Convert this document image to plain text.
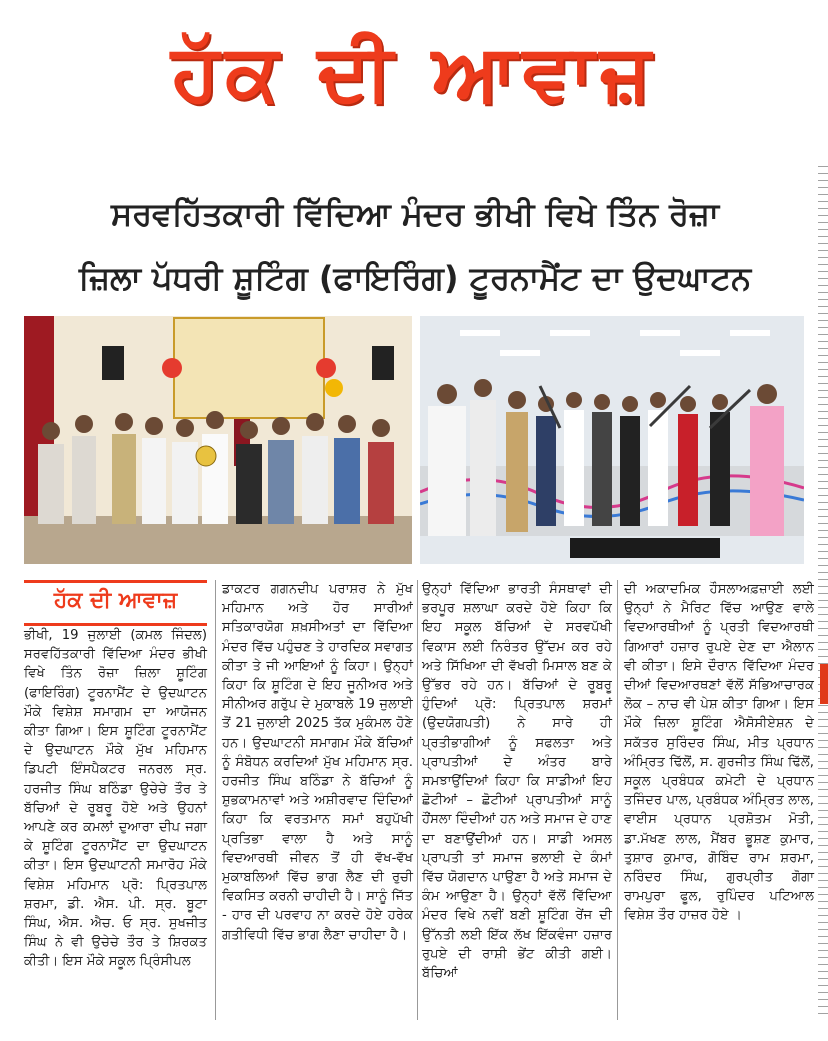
ਹੱਕ ਦੀ ਆਵਾਜ਼
ਸਰਵਹਿੱਤਕਾਰੀ ਵਿੱਦਿਆ ਮੰਦਰ ਭੀਖੀ ਵਿਖੇ ਤਿੰਨ ਰੋਜ਼ਾ
ਜ਼ਿਲਾ ਪੱਧਰੀ ਸ਼ੂਟਿੰਗ (ਫਾਇਰਿੰਗ) ਟੂਰਨਾਮੈਂਟ ਦਾ ਉਦਘਾਟਨ
ਹੱਕ ਦੀ ਆਵਾਜ਼

ਭੀਖੀ, 19 ਜੁਲਾਈ (ਕਮਲ ਜਿੰਦਲ) ਸਰਵਹਿੱਤਕਾਰੀ ਵਿੱਦਿਆ ਮੰਦਰ ਭੀਖੀ ਵਿਖੇ ਤਿੰਨ ਰੋਜ਼ਾ ਜ਼ਿਲਾ ਸ਼ੂਟਿੰਗ (ਫਾਇਰਿੰਗ) ਟੂਰਨਾਮੈਂਟ ਦੇ ਉਦਘਾਟਨ ਮੌਕੇ ਵਿਸ਼ੇਸ਼ ਸਮਾਗਮ ਦਾ ਆਯੋਜਨ ਕੀਤਾ ਗਿਆ। ਇਸ ਸ਼ੂਟਿੰਗ ਟੂਰਨਾਮੈਂਟ ਦੇ ਉਦਘਾਟਨ ਮੌਕੇ ਮੁੱਖ ਮਹਿਮਾਨ ਡਿਪਟੀ ਇੰਸਪੈਕਟਰ ਜਨਰਲ ਸ੍ਰ. ਹਰਜੀਤ ਸਿੰਘ ਬਠਿੰਡਾ ਉਚੇਚੇ ਤੌਰ ਤੇ ਬੱਚਿਆਂ ਦੇ ਰੂਬਰੂ ਹੋਏ ਅਤੇ ਉਹਨਾਂ ਆਪਣੇ ਕਰ ਕਮਲਾਂ ਦੁਆਰਾ ਦੀਪ ਜਗਾ ਕੇ ਸ਼ੂਟਿੰਗ ਟੂਰਨਾਮੈਂਟ ਦਾ ਉਦਘਾਟਨ ਕੀਤਾ। ਇਸ ਉਦਘਾਟਨੀ ਸਮਾਰੋਹ ਮੌਕੇ ਵਿਸ਼ੇਸ਼ ਮਹਿਮਾਨ ਪ੍ਰੋ: ਪ੍ਰਿਤਪਾਲ ਸ਼ਰਮਾ, ਡੀ. ਐਸ. ਪੀ. ਸ੍ਰ. ਬੂਟਾ ਸਿੰਘ, ਐਸ. ਐਚ. ਓ ਸ੍ਰ. ਸੁਖਜੀਤ ਸਿੰਘ ਨੇ ਵੀ ਉਚੇਚੇ ਤੌਰ ਤੇ ਸ਼ਿਰਕਤ ਕੀਤੀ। ਇਸ ਮੌਕੇ ਸਕੂਲ ਪ੍ਰਿੰਸੀਪਲ

ਡਾਕਟਰ ਗਗਨਦੀਪ ਪਰਾਸ਼ਰ ਨੇ ਮੁੱਖ ਮਹਿਮਾਨ ਅਤੇ ਹੋਰ ਸਾਰੀਆਂ ਸਤਿਕਾਰਯੋਗ ਸ਼ਖ਼ਸੀਅਤਾਂ ਦਾ ਵਿੱਦਿਆ ਮੰਦਰ ਵਿੱਚ ਪਹੁੰਚਣ ਤੇ ਹਾਰਦਿਕ ਸਵਾਗਤ ਕੀਤਾ ਤੇ ਜੀ ਆਇਆਂ ਨੂੰ ਕਿਹਾ। ਉਨ੍ਹਾਂ ਕਿਹਾ ਕਿ ਸ਼ੂਟਿੰਗ ਦੇ ਇਹ ਜੂਨੀਅਰ ਅਤੇ ਸੀਨੀਅਰ ਗਰੁੱਪ ਦੇ ਮੁਕਾਬਲੇ 19 ਜੁਲਾਈ ਤੋਂ 21 ਜੁਲਾਈ 2025 ਤੱਕ ਮੁਕੰਮਲ ਹੋਣੇ ਹਨ। ਉਦਘਾਟਨੀ ਸਮਾਗਮ ਮੌਕੇ ਬੱਚਿਆਂ ਨੂੰ ਸੰਬੋਧਨ ਕਰਦਿਆਂ ਮੁੱਖ ਮਹਿਮਾਨ ਸ੍ਰ. ਹਰਜੀਤ ਸਿੰਘ ਬਠਿੰਡਾ ਨੇ ਬੱਚਿਆਂ ਨੂੰ ਸ਼ੁਭਕਾਮਨਾਵਾਂ ਅਤੇ ਅਸ਼ੀਰਵਾਦ ਦਿੰਦਿਆਂ ਕਿਹਾ ਕਿ ਵਰਤਮਾਨ ਸਮਾਂ ਬਹੁਪੱਖੀ ਪ੍ਰਤਿਭਾ ਵਾਲਾ ਹੈ ਅਤੇ ਸਾਨੂੰ ਵਿਦਆਰਥੀ ਜੀਵਨ ਤੋਂ ਹੀ ਵੱਖ-ਵੱਖ ਮੁਕਾਬਲਿਆਂ ਵਿੱਚ ਭਾਗ ਲੈਣ ਦੀ ਰੁਚੀ ਵਿਕਸਿਤ ਕਰਨੀ ਚਾਹੀਦੀ ਹੈ। ਸਾਨੂੰ ਜਿੱਤ - ਹਾਰ ਦੀ ਪਰਵਾਹ ਨਾ ਕਰਦੇ ਹੋਏ ਹਰੇਕ ਗਤੀਵਿਧੀ ਵਿੱਚ ਭਾਗ ਲੈਣਾ ਚਾਹੀਦਾ ਹੈ।

ਉਨ੍ਹਾਂ ਵਿੱਦਿਆ ਭਾਰਤੀ ਸੰਸਥਾਵਾਂ ਦੀ ਭਰਪੂਰ ਸ਼ਲਾਘਾ ਕਰਦੇ ਹੋਏ ਕਿਹਾ ਕਿ ਇਹ ਸਕੂਲ ਬੱਚਿਆਂ ਦੇ ਸਰਵਪੱਖੀ ਵਿਕਾਸ ਲਈ ਨਿਰੰਤਰ ਉੱਦਮ ਕਰ ਰਹੇ ਅਤੇ ਸਿੱਖਿਆ ਦੀ ਵੱਖਰੀ ਮਿਸਾਲ ਬਣ ਕੇ ਉੱਭਰ ਰਹੇ ਹਨ। ਬੱਚਿਆਂ ਦੇ ਰੂਬਰੂ ਹੁੰਦਿਆਂ ਪ੍ਰੋ: ਪ੍ਰਿਤਪਾਲ ਸ਼ਰਮਾਂ (ਉਦਯੋਗਪਤੀ) ਨੇ ਸਾਰੇ ਹੀ ਪ੍ਰਤੀਭਾਗੀਆਂ ਨੂੰ ਸਫਲਤਾ ਅਤੇ ਪ੍ਰਾਪਤੀਆਂ ਦੇ ਅੰਤਰ ਬਾਰੇ ਸਮਝਾਉਂਦਿਆਂ ਕਿਹਾ ਕਿ ਸਾਡੀਆਂ ਇਹ ਛੋਟੀਆਂ – ਛੋਟੀਆਂ ਪ੍ਰਾਪਤੀਆਂ ਸਾਨੂੰ ਹੌਂਸਲਾ ਦਿੰਦੀਆਂ ਹਨ ਅਤੇ ਸਮਾਜ ਦੇ ਹਾਣ ਦਾ ਬਣਾਉਂਦੀਆਂ ਹਨ। ਸਾਡੀ ਅਸਲ ਪ੍ਰਾਪਤੀ ਤਾਂ ਸਮਾਜ ਭਲਾਈ ਦੇ ਕੰਮਾਂ ਵਿੱਚ ਯੋਗਦਾਨ ਪਾਉਣਾ ਹੈ ਅਤੇ ਸਮਾਜ ਦੇ ਕੰਮ ਆਉਣਾ ਹੈ। ਉਨ੍ਹਾਂ ਵੱਲੋਂ ਵਿੱਦਿਆ ਮੰਦਰ ਵਿਖੇ ਨਵੀਂ ਬਣੀ ਸ਼ੂਟਿੰਗ ਰੇਂਜ ਦੀ ਉੱਨਤੀ ਲਈ ਇੱਕ ਲੱਖ ਇੱਕਵੰਜਾ ਹਜ਼ਾਰ ਰੁਪਏ ਦੀ ਰਾਸ਼ੀ ਭੇਂਟ ਕੀਤੀ ਗਈ। ਬੱਚਿਆਂ

ਦੀ ਅਕਾਦਮਿਕ ਹੌਸਲਾਅਫ਼ਜ਼ਾਈ ਲਈ ਉਨ੍ਹਾਂ ਨੇ ਮੈਰਿਟ ਵਿੱਚ ਆਉਣ ਵਾਲੇ ਵਿਦਆਰਥੀਆਂ ਨੂੰ ਪ੍ਰਤੀ ਵਿਦਆਰਥੀ ਗਿਆਰਾਂ ਹਜ਼ਾਰ ਰੁਪਏ ਦੇਣ ਦਾ ਐਲਾਨ ਵੀ ਕੀਤਾ। ਇਸੇ ਦੌਰਾਨ ਵਿੱਦਿਆ ਮੰਦਰ ਦੀਆਂ ਵਿਦਆਰਥਣਾਂ ਵੱਲੋਂ ਸੱਭਿਆਚਾਰਕ ਲੋਕ – ਨਾਚ ਵੀ ਪੇਸ਼ ਕੀਤਾ ਗਿਆ। ਇਸ ਮੌਕੇ ਜ਼ਿਲਾ ਸ਼ੂਟਿੰਗ ਐਸੋਸੀਏਸ਼ਨ ਦੇ ਸਕੱਤਰ ਸੁਰਿੰਦਰ ਸਿੰਘ, ਮੀਤ ਪ੍ਰਧਾਨ ਅੰਮ੍ਰਿਤ ਢਿੱਲੋਂ, ਸ. ਗੁਰਜੀਤ ਸਿੰਘ ਢਿੱਲੋਂ, ਸਕੂਲ ਪ੍ਰਬੰਧਕ ਕਮੇਟੀ ਦੇ ਪ੍ਰਧਾਨ ਤਜਿੰਦਰ ਪਾਲ, ਪ੍ਰਬੰਧਕ ਅੰਮ੍ਰਿਤ ਲਾਲ, ਵਾਈਸ ਪ੍ਰਧਾਨ ਪ੍ਰਸ਼ੋਤਮ ਮੋਤੀ, ਡਾ.ਮੱਖਣ ਲਾਲ, ਮੈਂਬਰ ਭੂਸ਼ਣ ਕੁਮਾਰ, ਤੁਸ਼ਾਰ ਕੁਮਾਰ, ਗੋਬਿੰਦ ਰਾਮ ਸ਼ਰਮਾ, ਨਰਿੰਦਰ ਸਿੰਘ, ਗੁਰਪ੍ਰੀਤ ਗੋਗਾ ਰਾਮਪੁਰਾ ਫੂਲ, ਰੁਪਿੰਦਰ ਪਟਿਆਲ ਵਿਸ਼ੇਸ਼ ਤੌਰ ਹਾਜ਼ਰ ਹੋਏ ।
